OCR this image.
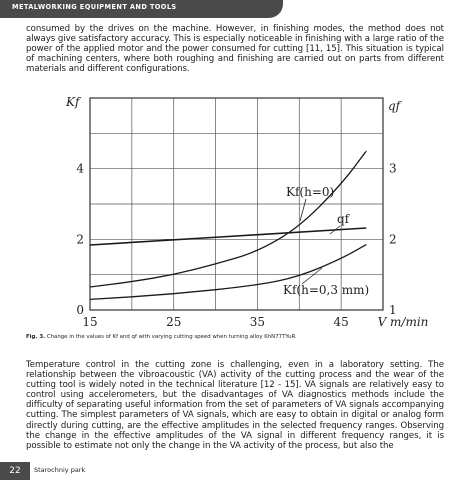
METALWORKING EQUIPMENT AND TOOLS

consumed by the drives on the machine. However, in finishing modes, the method does not always give satisfactory accuracy. This is especially noticeable in finishing with a large ratio of the power of the applied motor and the power consumed for cutting [11, 15]. This situation is typical of machining centers, where both roughing and finishing are carried out on parts from different materials and different configurations.

Kf	qf
15	25	35	45 V m/min
0
2
4
1
2
3
Kf(h=0)
qf
Kf(h=0,3 mm)
Fig. 3. Change in the values of Kf and qf with varying cutting speed when turning alloy KhN77TYuR.

Temperature control in the cutting zone is challenging, even in a laboratory setting. The relationship between the vibroacoustic (VA) activity of the cutting process and the wear of the cutting tool is widely noted in the technical literature [12 - 15]. VA signals are relatively easy to control using accelerometers, but the disadvantages of VA diagnostics methods include the difficulty of separating useful information from the set of parameters of VA signals accompanying cutting. The simplest parameters of VA signals, which are easy to obtain in digital or analog form directly during cutting, are the effective amplitudes in the selected frequency ranges. Observing the change in the effective amplitudes of the VA signal in different frequency ranges, it is possible to estimate not only the change in the VA activity of the process, but also the

22	Starochniy park
